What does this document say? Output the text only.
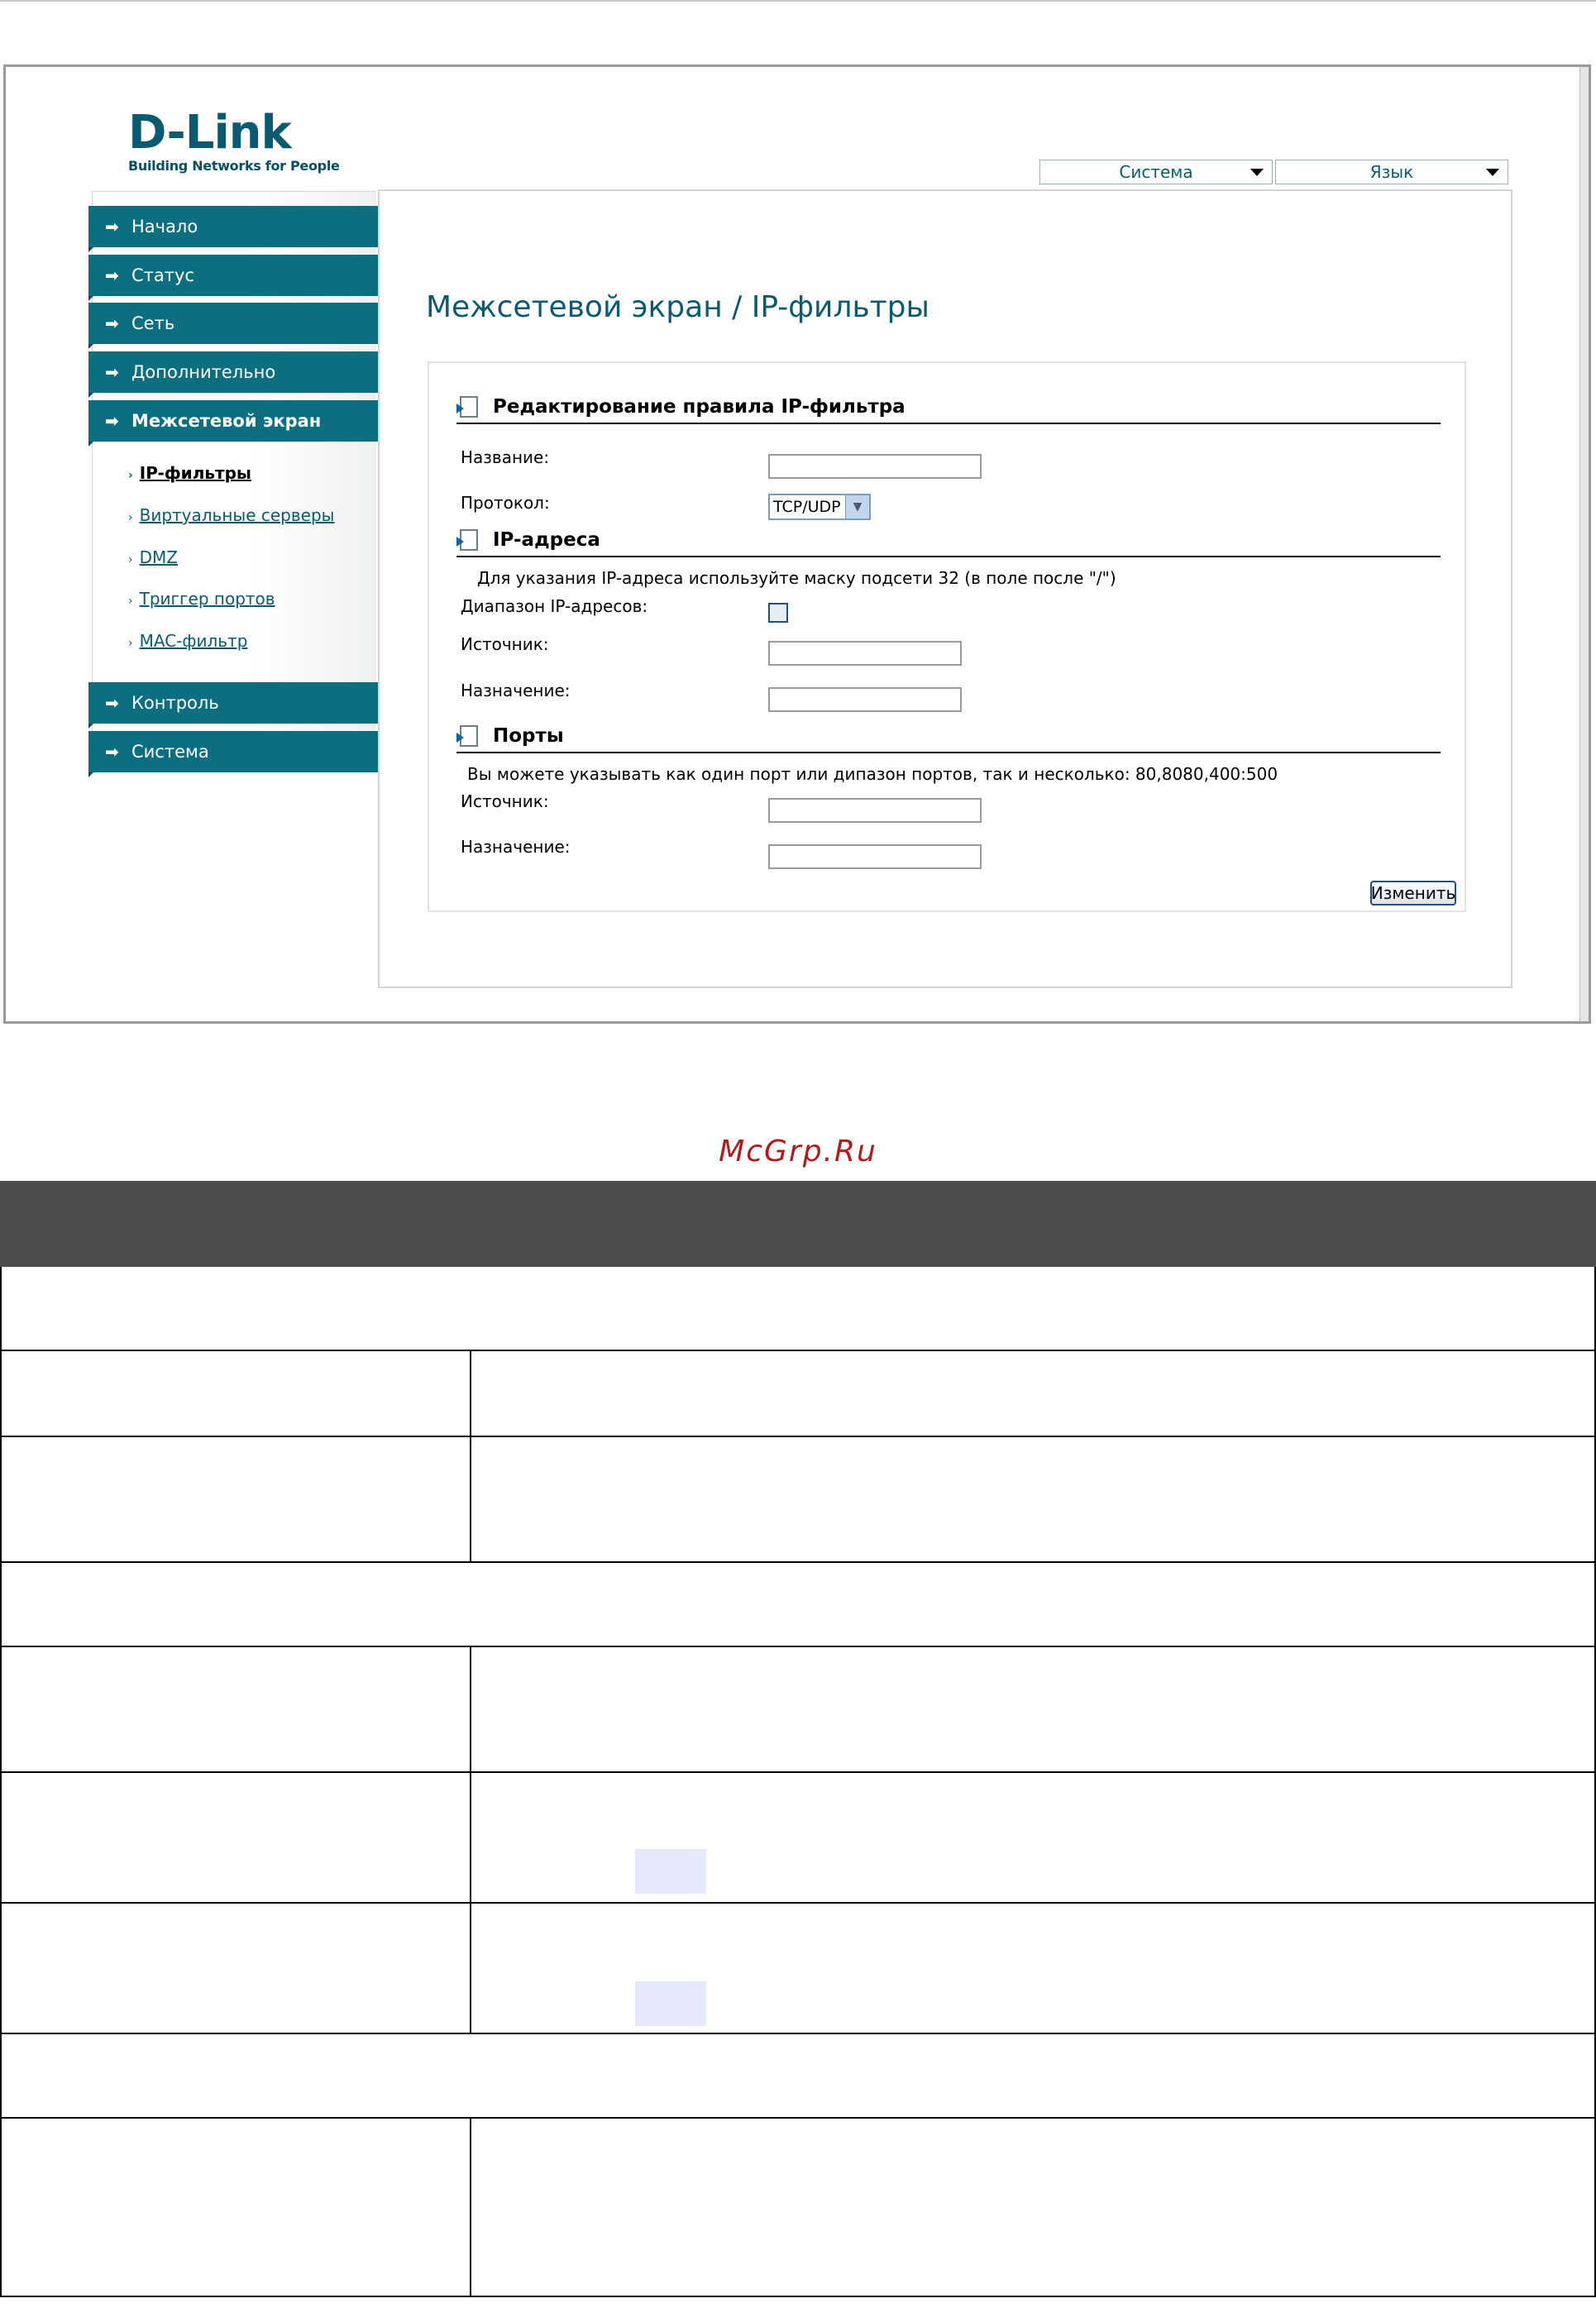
D-Link
Building Networks for People	Система	Язык
➡ Начало
➡ Статус
➡ Сеть
➡ Дополнительно
➡ Межсетевой экран
› IP-фильтры
› Виртуальные серверы
› DMZ
› Триггер портов
› MAC-фильтр
➡ Контроль
➡ Система
Межсетевой экран / IP-фильтры
Редактирование правила IP-фильтра
Название:
Протокол:	TCP/UDP	▼
IP-адреса
Для указания IP-адреса используйте маску подсети 32 (в поле после "/")
Диапазон IP-адресов:
Источник:
Назначение:
Порты
Вы можете указывать как один порт или дипазон портов, так и несколько: 80,8080,400:500
Источник:
Назначение:
Изменить
McGrp.Ru
